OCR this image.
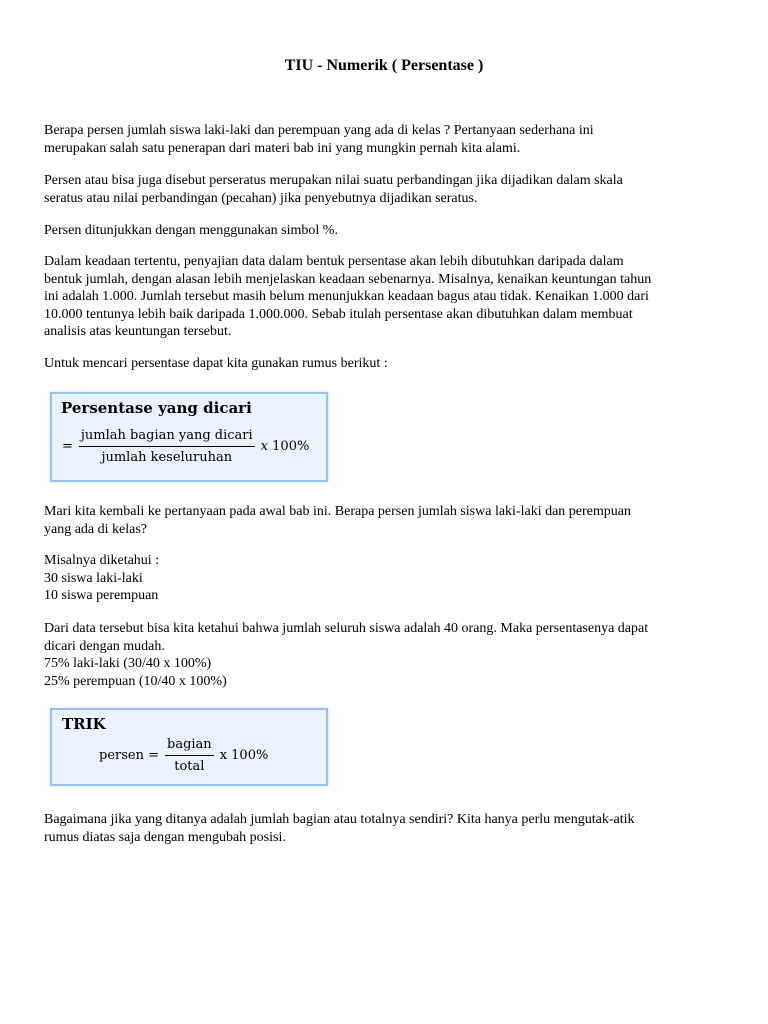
TIU - Numerik ( Persentase )

Berapa persen jumlah siswa laki-laki dan perempuan yang ada di kelas ? Pertanyaan sederhana ini
merupakan salah satu penerapan dari materi bab ini yang mungkin pernah kita alami.

Persen atau bisa juga disebut perseratus merupakan nilai suatu perbandingan jika dijadikan dalam skala
seratus atau nilai perbandingan (pecahan) jika penyebutnya dijadikan seratus.

Persen ditunjukkan dengan menggunakan simbol %.

Dalam keadaan tertentu, penyajian data dalam bentuk persentase akan lebih dibutuhkan daripada dalam
bentuk jumlah, dengan alasan lebih menjelaskan keadaan sebenarnya. Misalnya, kenaikan keuntungan tahun
ini adalah 1.000. Jumlah tersebut masih belum menunjukkan keadaan bagus atau tidak. Kenaikan 1.000 dari
10.000 tentunya lebih baik daripada 1.000.000. Sebab itulah persentase akan dibutuhkan dalam membuat
analisis atas keuntungan tersebut.

Untuk mencari persentase dapat kita gunakan rumus berikut :

Persentase yang dicari
= $\frac{\text{jumlah bagian yang dicari}}{\text{jumlah keseluruhan}}$ x 100%

Mari kita kembali ke pertanyaan pada awal bab ini. Berapa persen jumlah siswa laki-laki dan perempuan
yang ada di kelas?

Misalnya diketahui :
30 siswa laki-laki
10 siswa perempuan

Dari data tersebut bisa kita ketahui bahwa jumlah seluruh siswa adalah 40 orang. Maka persentasenya dapat
dicari dengan mudah.
75% laki-laki (30/40 x 100%)
25% perempuan (10/40 x 100%)

TRIK
persen = $\frac{\text{bagian}}{\text{total}}$ x 100%

Bagaimana jika yang ditanya adalah jumlah bagian atau totalnya sendiri? Kita hanya perlu mengutak-atik
rumus diatas saja dengan mengubah posisi.
